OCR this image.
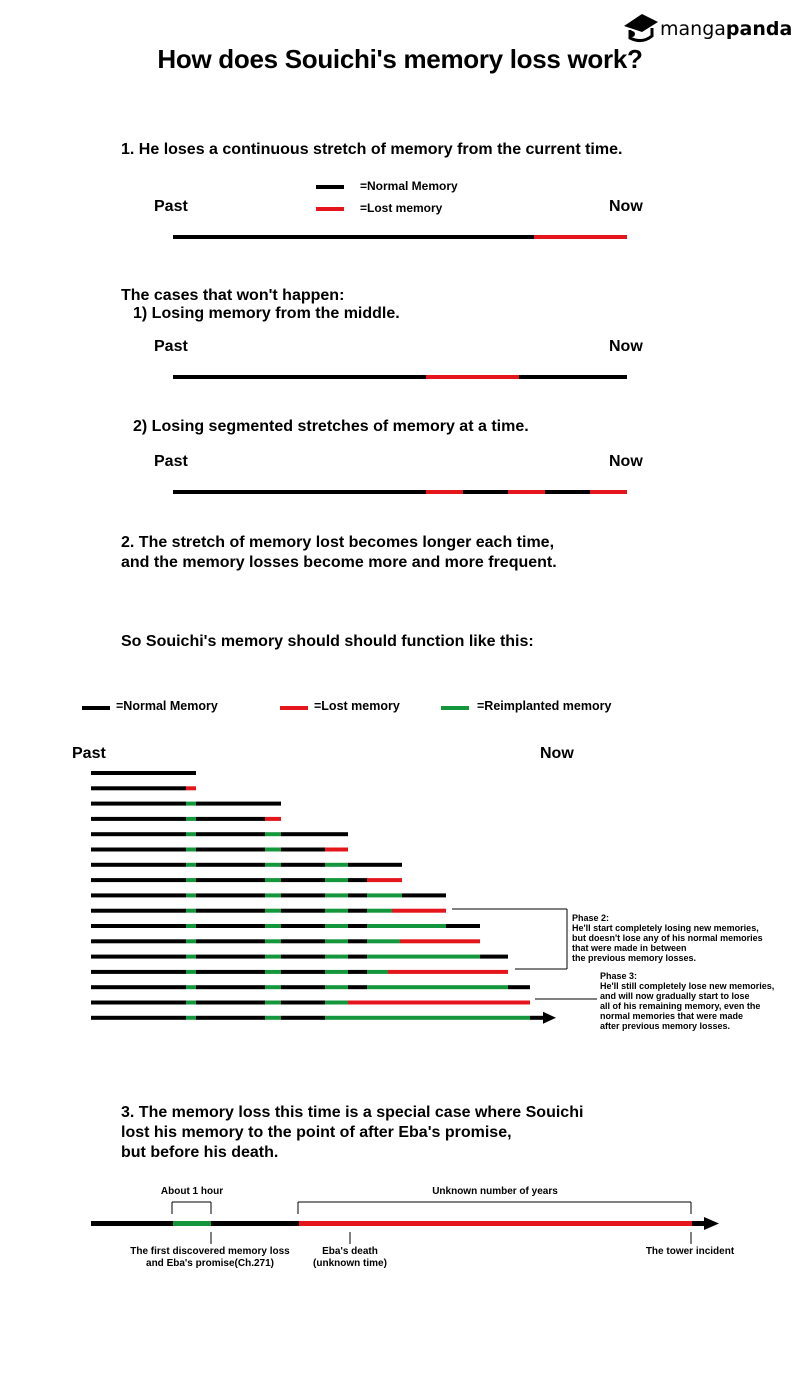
mangapanda
How does Souichi's memory loss work?
1. He loses a continuous stretch of memory from the current time.
=Normal Memory
=Lost memory
Past	Now
The cases that won't happen:
1) Losing memory from the middle.
Past	Now
2) Losing segmented stretches of memory at a time.
Past	Now
2. The stretch of memory lost becomes longer each time,
and the memory losses become more and more frequent.
So Souichi's memory should should function like this:
=Normal Memory	=Lost memory	=Reimplanted memory
Past	Now
Phase 2:
He'll start completely losing new memories,
but doesn't lose any of his normal memories
that were made in between
the previous memory losses.
Phase 3:
He'll still completely lose new memories,
and will now gradually start to lose
all of his remaining memory, even the
normal memories that were made
after previous memory losses.
3. The memory loss this time is a special case where Souichi
lost his memory to the point of after Eba's promise,
but before his death.
About 1 hour	Unknown number of years
The first discovered memory loss
and Eba's promise(Ch.271)
Eba's death
(unknown time)
The tower incident
